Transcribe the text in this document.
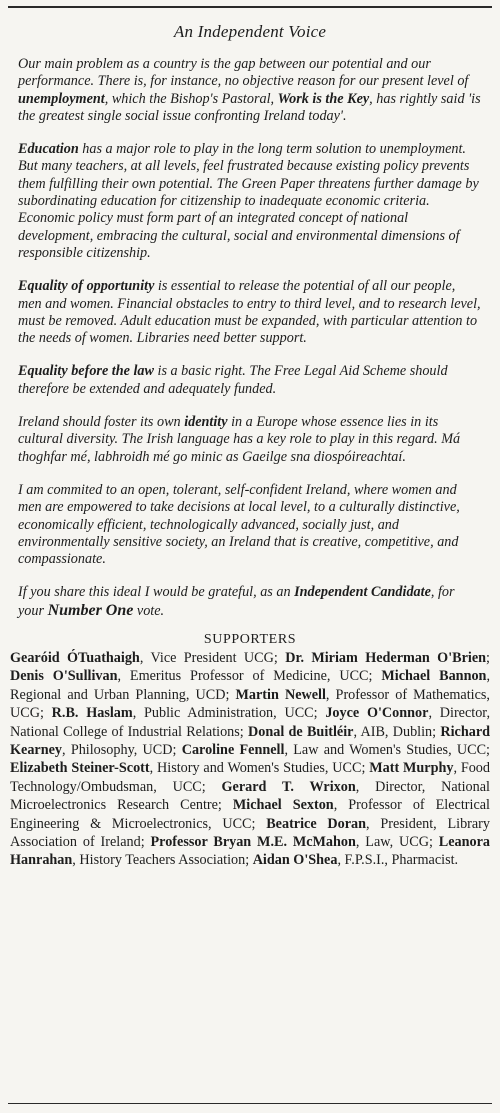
An Independent Voice

Our main problem as a country is the gap between our potential and our performance. There is, for instance, no objective reason for our present level of unemployment, which the Bishop's Pastoral, Work is the Key, has rightly said 'is the greatest single social issue confronting Ireland today'.

Education has a major role to play in the long term solution to unemployment. But many teachers, at all levels, feel frustrated because existing policy prevents them fulfilling their own potential. The Green Paper threatens further damage by subordinating education for citizenship to inadequate economic criteria. Economic policy must form part of an integrated concept of national development, embracing the cultural, social and environmental dimensions of responsible citizenship.

Equality of opportunity is essential to release the potential of all our people, men and women. Financial obstacles to entry to third level, and to research level, must be removed. Adult education must be expanded, with particular attention to the needs of women. Libraries need better support.

Equality before the law is a basic right. The Free Legal Aid Scheme should therefore be extended and adequately funded.

Ireland should foster its own identity in a Europe whose essence lies in its cultural diversity. The Irish language has a key role to play in this regard. Má thoghfar mé, labhroidh mé go minic as Gaeilge sna diospóireachtaí.

I am commited to an open, tolerant, self-confident Ireland, where women and men are empowered to take decisions at local level, to a culturally distinctive, economically efficient, technologically advanced, socially just, and environmentally sensitive society, an Ireland that is creative, competitive, and compassionate.

If you share this ideal I would be grateful, as an Independent Candidate, for your Number One vote.

SUPPORTERS

Gearóid ÓTuathaigh, Vice President UCG; Dr. Miriam Hederman O'Brien; Denis O'Sullivan, Emeritus Professor of Medicine, UCC; Michael Bannon, Regional and Urban Planning, UCD; Martin Newell, Professor of Mathematics, UCG; R.B. Haslam, Public Administration, UCC; Joyce O'Connor, Director, National College of Industrial Relations; Donal de Buitléir, AIB, Dublin; Richard Kearney, Philosophy, UCD; Caroline Fennell, Law and Women's Studies, UCC; Elizabeth Steiner-Scott, History and Women's Studies, UCC; Matt Murphy, Food Technology/Ombudsman, UCC; Gerard T. Wrixon, Director, National Microelectronics Research Centre; Michael Sexton, Professor of Electrical Engineering & Microelectronics, UCC; Beatrice Doran, President, Library Association of Ireland; Professor Bryan M.E. McMahon, Law, UCG; Leanora Hanrahan, History Teachers Association; Aidan O'Shea, F.P.S.I., Pharmacist.
